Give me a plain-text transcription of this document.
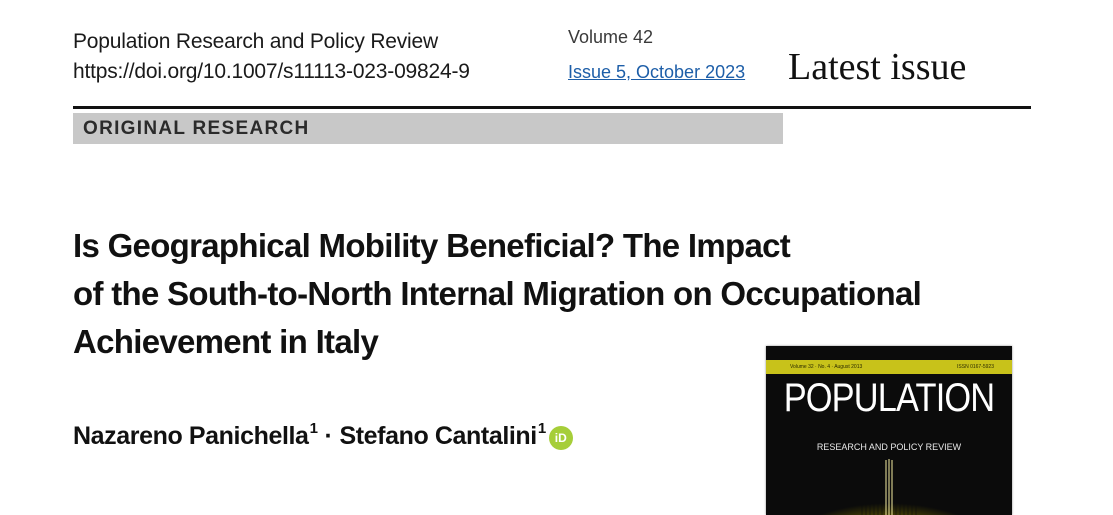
Population Research and Policy Review
https://doi.org/10.1007/s11113-023-09824-9
Volume 42
Issue 5, October 2023 Latest issue
ORIGINAL RESEARCH
Is Geographical Mobility Beneficial? The Impact
of the South-to-North Internal Migration on Occupational
Achievement in Italy
Nazareno Panichella$^1$ · Stefano Cantalini$^1$iD
Volume 32 · No. 4 · August 2013	ISSN 0167-5923
POPULATION
RESEARCH AND POLICY REVIEW
